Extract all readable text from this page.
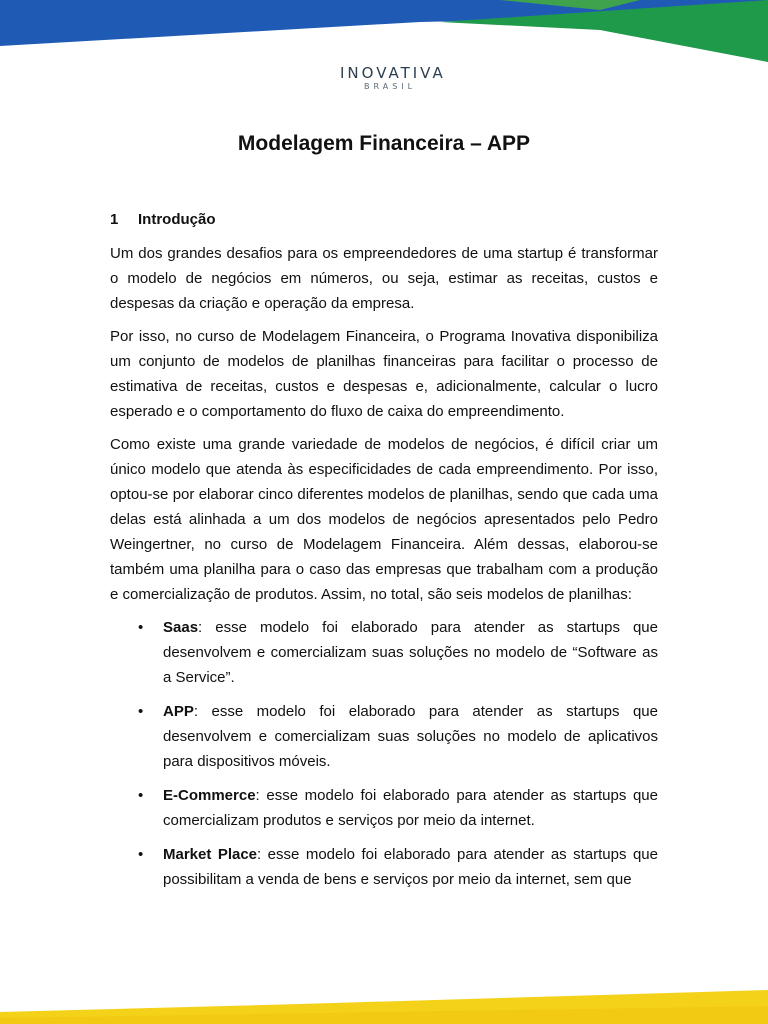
INOVATIVA
BRASIL
Modelagem Financeira – APP
1 Introdução

Um dos grandes desafios para os empreendedores de uma startup é transformar o modelo de negócios em números, ou seja, estimar as receitas, custos e despesas da criação e operação da empresa.

Por isso, no curso de Modelagem Financeira, o Programa Inovativa disponibiliza um conjunto de modelos de planilhas financeiras para facilitar o processo de estimativa de receitas, custos e despesas e, adicionalmente, calcular o lucro esperado e o comportamento do fluxo de caixa do empreendimento.

Como existe uma grande variedade de modelos de negócios, é difícil criar um único modelo que atenda às especificidades de cada empreendimento. Por isso, optou-se por elaborar cinco diferentes modelos de planilhas, sendo que cada uma delas está alinhada a um dos modelos de negócios apresentados pelo Pedro Weingertner, no curso de Modelagem Financeira. Além dessas, elaborou-se também uma planilha para o caso das empresas que trabalham com a produção e comercialização de produtos. Assim, no total, são seis modelos de planilhas:

• Saas: esse modelo foi elaborado para atender as startups que desenvolvem e comercializam suas soluções no modelo de “Software as a Service”.
• APP: esse modelo foi elaborado para atender as startups que desenvolvem e comercializam suas soluções no modelo de aplicativos para dispositivos móveis.
• E-Commerce: esse modelo foi elaborado para atender as startups que comercializam produtos e serviços por meio da internet.
• Market Place: esse modelo foi elaborado para atender as startups que possibilitam a venda de bens e serviços por meio da internet, sem que
